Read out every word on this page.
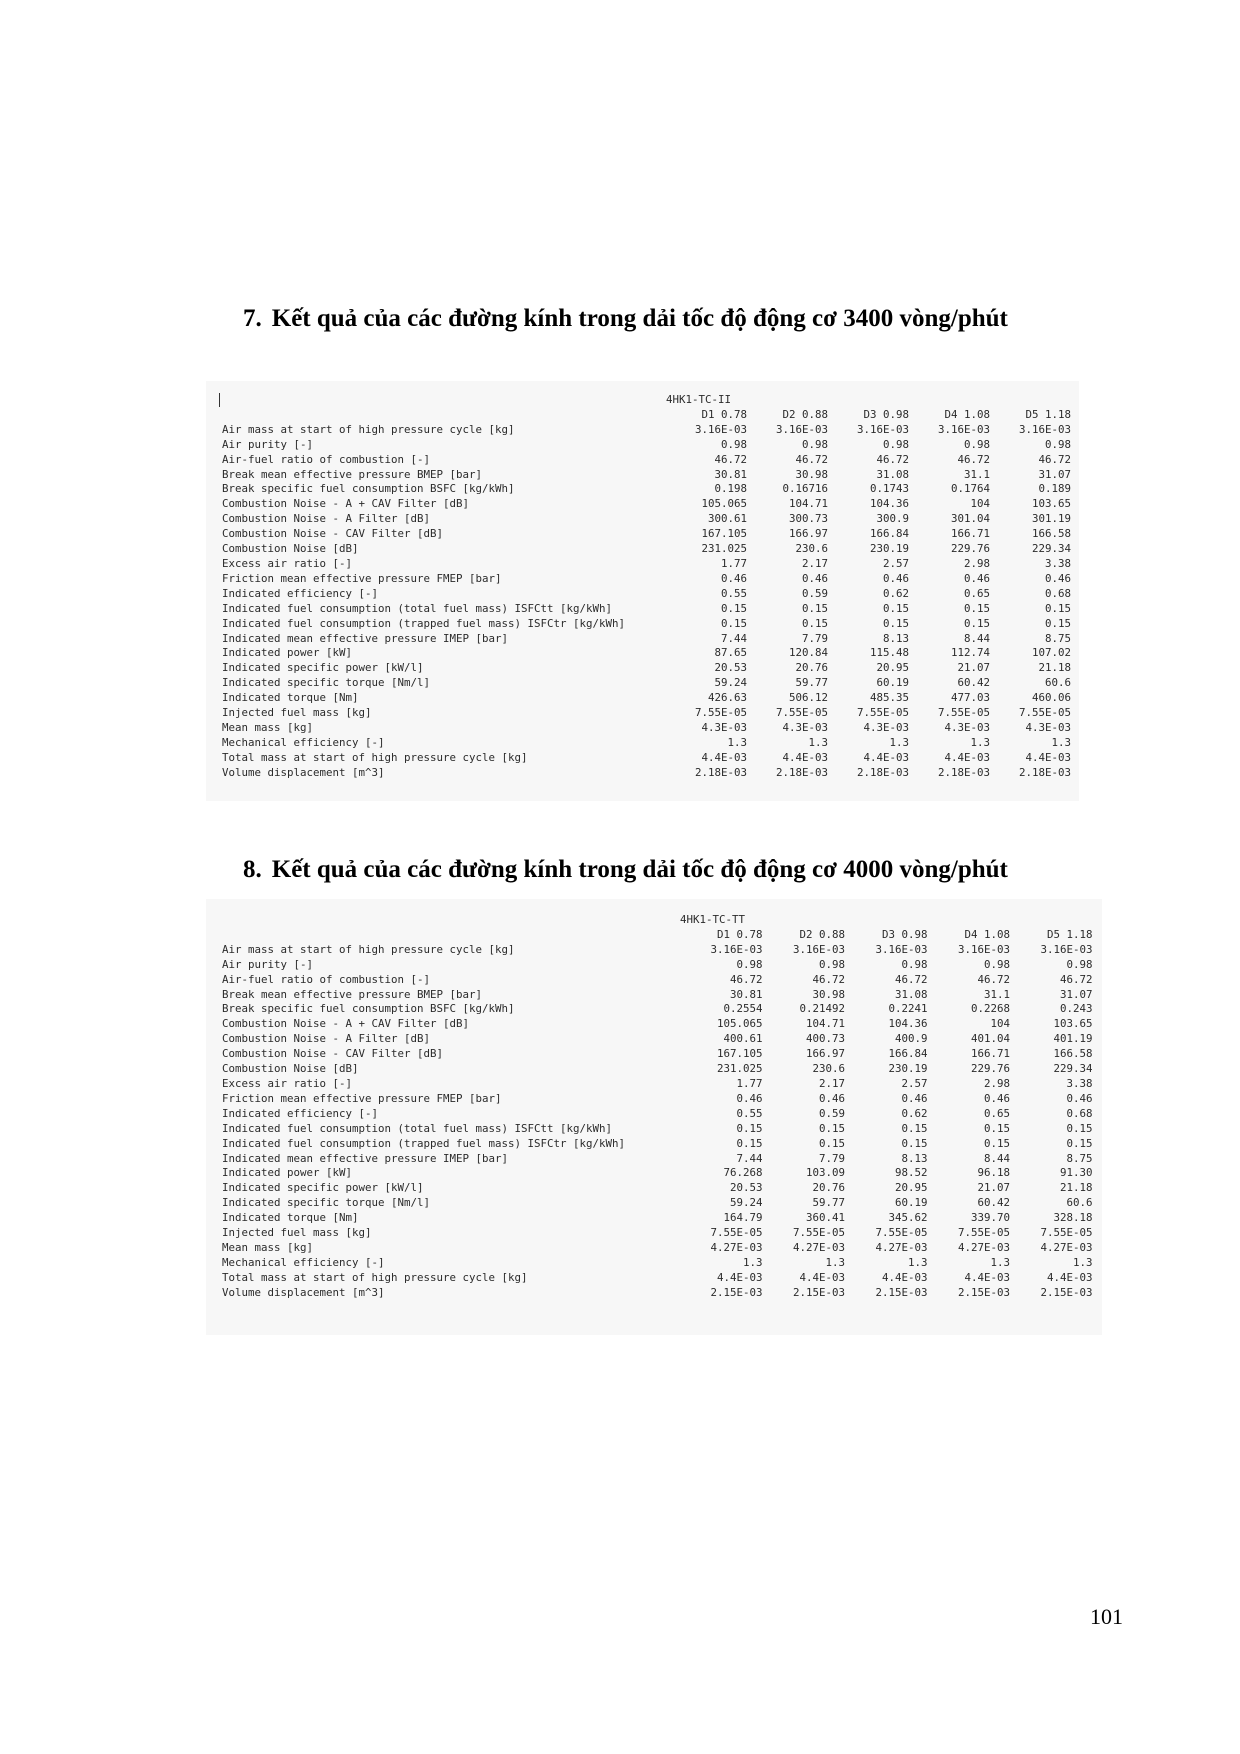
7. Kết quả của các đường kính trong dải tốc độ động cơ 3400 vòng/phút
	4HK1-TC-II				
	D1 0.78	D2 0.88	D3 0.98	D4 1.08	D5 1.18
Air mass at start of high pressure cycle [kg]	3.16E-03	3.16E-03	3.16E-03	3.16E-03	3.16E-03
Air purity [-]	0.98	0.98	0.98	0.98	0.98
Air-fuel ratio of combustion [-]	46.72	46.72	46.72	46.72	46.72
Break mean effective pressure BMEP [bar]	30.81	30.98	31.08	31.1	31.07
Break specific fuel consumption BSFC [kg/kWh]	0.198	0.16716	0.1743	0.1764	0.189
Combustion Noise - A + CAV Filter [dB]	105.065	104.71	104.36	104	103.65
Combustion Noise - A Filter [dB]	300.61	300.73	300.9	301.04	301.19
Combustion Noise - CAV Filter [dB]	167.105	166.97	166.84	166.71	166.58
Combustion Noise [dB]	231.025	230.6	230.19	229.76	229.34
Excess air ratio [-]	1.77	2.17	2.57	2.98	3.38
Friction mean effective pressure FMEP [bar]	0.46	0.46	0.46	0.46	0.46
Indicated efficiency [-]	0.55	0.59	0.62	0.65	0.68
Indicated fuel consumption (total fuel mass) ISFCtt [kg/kWh]	0.15	0.15	0.15	0.15	0.15
Indicated fuel consumption (trapped fuel mass) ISFCtr [kg/kWh]	0.15	0.15	0.15	0.15	0.15
Indicated mean effective pressure IMEP [bar]	7.44	7.79	8.13	8.44	8.75
Indicated power [kW]	87.65	120.84	115.48	112.74	107.02
Indicated specific power [kW/l]	20.53	20.76	20.95	21.07	21.18
Indicated specific torque [Nm/l]	59.24	59.77	60.19	60.42	60.6
Indicated torque [Nm]	426.63	506.12	485.35	477.03	460.06
Injected fuel mass [kg]	7.55E-05	7.55E-05	7.55E-05	7.55E-05	7.55E-05
Mean mass [kg]	4.3E-03	4.3E-03	4.3E-03	4.3E-03	4.3E-03
Mechanical efficiency [-]	1.3	1.3	1.3	1.3	1.3
Total mass at start of high pressure cycle [kg]	4.4E-03	4.4E-03	4.4E-03	4.4E-03	4.4E-03
Volume displacement [m^3]	2.18E-03	2.18E-03	2.18E-03	2.18E-03	2.18E-03
8. Kết quả của các đường kính trong dải tốc độ động cơ 4000 vòng/phút
	4HK1-TC-TT				
	D1 0.78	D2 0.88	D3 0.98	D4 1.08	D5 1.18
Air mass at start of high pressure cycle [kg]	3.16E-03	3.16E-03	3.16E-03	3.16E-03	3.16E-03
Air purity [-]	0.98	0.98	0.98	0.98	0.98
Air-fuel ratio of combustion [-]	46.72	46.72	46.72	46.72	46.72
Break mean effective pressure BMEP [bar]	30.81	30.98	31.08	31.1	31.07
Break specific fuel consumption BSFC [kg/kWh]	0.2554	0.21492	0.2241	0.2268	0.243
Combustion Noise - A + CAV Filter [dB]	105.065	104.71	104.36	104	103.65
Combustion Noise - A Filter [dB]	400.61	400.73	400.9	401.04	401.19
Combustion Noise - CAV Filter [dB]	167.105	166.97	166.84	166.71	166.58
Combustion Noise [dB]	231.025	230.6	230.19	229.76	229.34
Excess air ratio [-]	1.77	2.17	2.57	2.98	3.38
Friction mean effective pressure FMEP [bar]	0.46	0.46	0.46	0.46	0.46
Indicated efficiency [-]	0.55	0.59	0.62	0.65	0.68
Indicated fuel consumption (total fuel mass) ISFCtt [kg/kWh]	0.15	0.15	0.15	0.15	0.15
Indicated fuel consumption (trapped fuel mass) ISFCtr [kg/kWh]	0.15	0.15	0.15	0.15	0.15
Indicated mean effective pressure IMEP [bar]	7.44	7.79	8.13	8.44	8.75
Indicated power [kW]	76.268	103.09	98.52	96.18	91.30
Indicated specific power [kW/l]	20.53	20.76	20.95	21.07	21.18
Indicated specific torque [Nm/l]	59.24	59.77	60.19	60.42	60.6
Indicated torque [Nm]	164.79	360.41	345.62	339.70	328.18
Injected fuel mass [kg]	7.55E-05	7.55E-05	7.55E-05	7.55E-05	7.55E-05
Mean mass [kg]	4.27E-03	4.27E-03	4.27E-03	4.27E-03	4.27E-03
Mechanical efficiency [-]	1.3	1.3	1.3	1.3	1.3
Total mass at start of high pressure cycle [kg]	4.4E-03	4.4E-03	4.4E-03	4.4E-03	4.4E-03
Volume displacement [m^3]	2.15E-03	2.15E-03	2.15E-03	2.15E-03	2.15E-03
101
